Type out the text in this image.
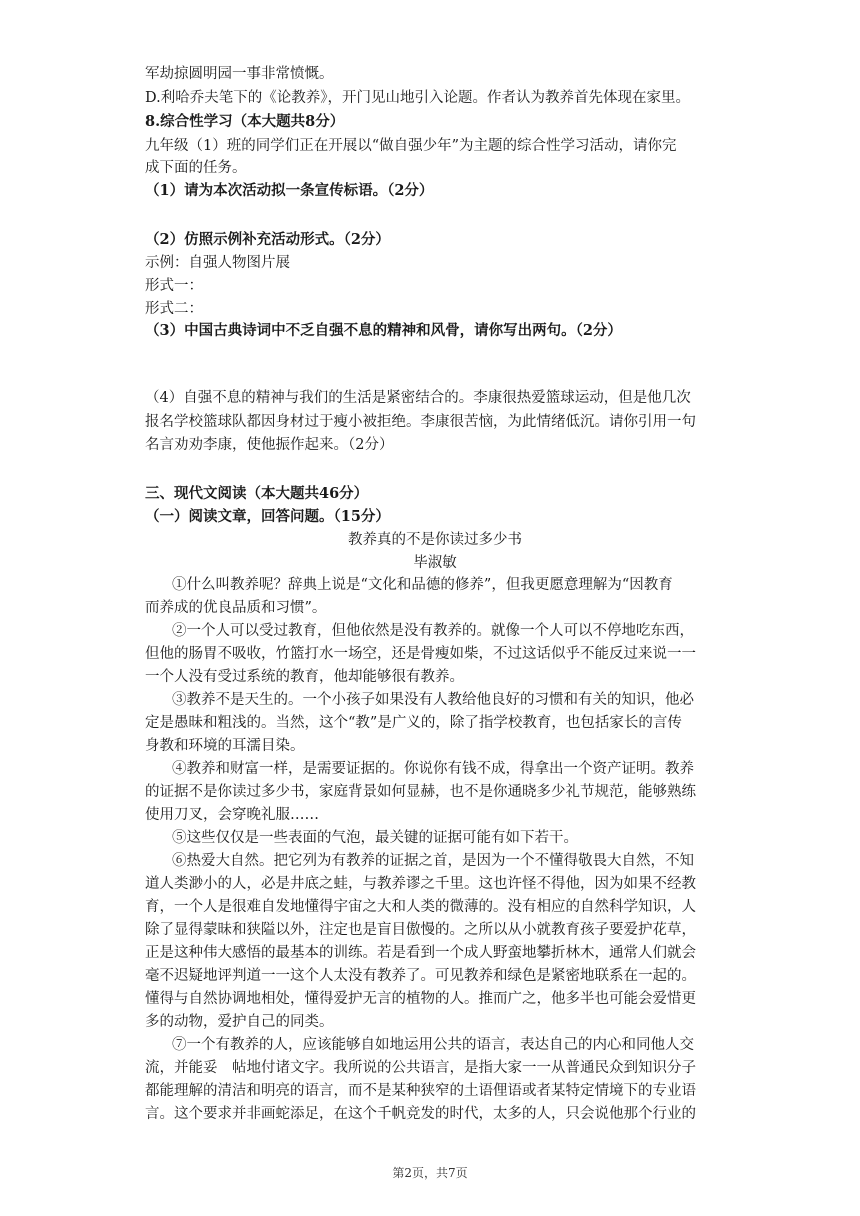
军劫掠圆明园一事非常愤慨。
D.利哈乔夫笔下的《论教养》，开门见山地引入论题。作者认为教养首先体现在家里。
8.综合性学习（本大题共8分）
九年级（1）班的同学们正在开展以“做自强少年”为主题的综合性学习活动，请你完
成下面的任务。
（1）请为本次活动拟一条宣传标语。（2分）
（2）仿照示例补充活动形式。（2分）
示例：自强人物图片展
形式一：
形式二：
（3）中国古典诗词中不乏自强不息的精神和风骨，请你写出两句。（2分）
（4）自强不息的精神与我们的生活是紧密结合的。李康很热爱篮球运动，但是他几次
报名学校篮球队都因身材过于瘦小被拒绝。李康很苦恼，为此情绪低沉。请你引用一句
名言劝劝李康，使他振作起来。（2分）
三、现代文阅读（本大题共46分）
（一）阅读文章，回答问题。（15分）
教养真的不是你读过多少书
毕淑敏
①什么叫教养呢？辞典上说是“文化和品德的修养”，但我更愿意理解为“因教育
而养成的优良品质和习惯”。
②一个人可以受过教育，但他依然是没有教养的。就像一个人可以不停地吃东西，
但他的肠胃不吸收，竹篮打水一场空，还是骨瘦如柴，不过这话似乎不能反过来说一一
一个人没有受过系统的教育，他却能够很有教养。
③教养不是天生的。一个小孩子如果没有人教给他良好的习惯和有关的知识，他必
定是愚昧和粗浅的。当然，这个“教”是广义的，除了指学校教育，也包括家长的言传
身教和环境的耳濡目染。
④教养和财富一样，是需要证据的。你说你有钱不成，得拿出一个资产证明。教养
的证据不是你读过多少书，家庭背景如何显赫，也不是你通晓多少礼节规范，能够熟练
使用刀叉，会穿晚礼服……
⑤这些仅仅是一些表面的气泡，最关键的证据可能有如下若干。
⑥热爱大自然。把它列为有教养的证据之首，是因为一个不懂得敬畏大自然，不知
道人类渺小的人，必是井底之蛙，与教养谬之千里。这也许怪不得他，因为如果不经教
育，一个人是很难自发地懂得宇宙之大和人类的微薄的。没有相应的自然科学知识，人
除了显得蒙昧和狭隘以外，注定也是盲目傲慢的。之所以从小就教育孩子要爱护花草，
正是这种伟大感悟的最基本的训练。若是看到一个成人野蛮地攀折林木，通常人们就会
毫不迟疑地评判道一一这个人太没有教养了。可见教养和绿色是紧密地联系在一起的。
懂得与自然协调地相处，懂得爱护无言的植物的人。推而广之，他多半也可能会爱惜更
多的动物，爱护自己的同类。
⑦一个有教养的人，应该能够自如地运用公共的语言，表达自己的内心和同他人交
流，并能妥　帖地付诸文字。我所说的公共语言，是指大家一一从普通民众到知识分子
都能理解的清洁和明亮的语言，而不是某种狭窄的土语俚语或者某特定情境下的专业语
言。这个要求并非画蛇添足，在这个千帆竞发的时代，太多的人，只会说他那个行业的
第2页，共7页
